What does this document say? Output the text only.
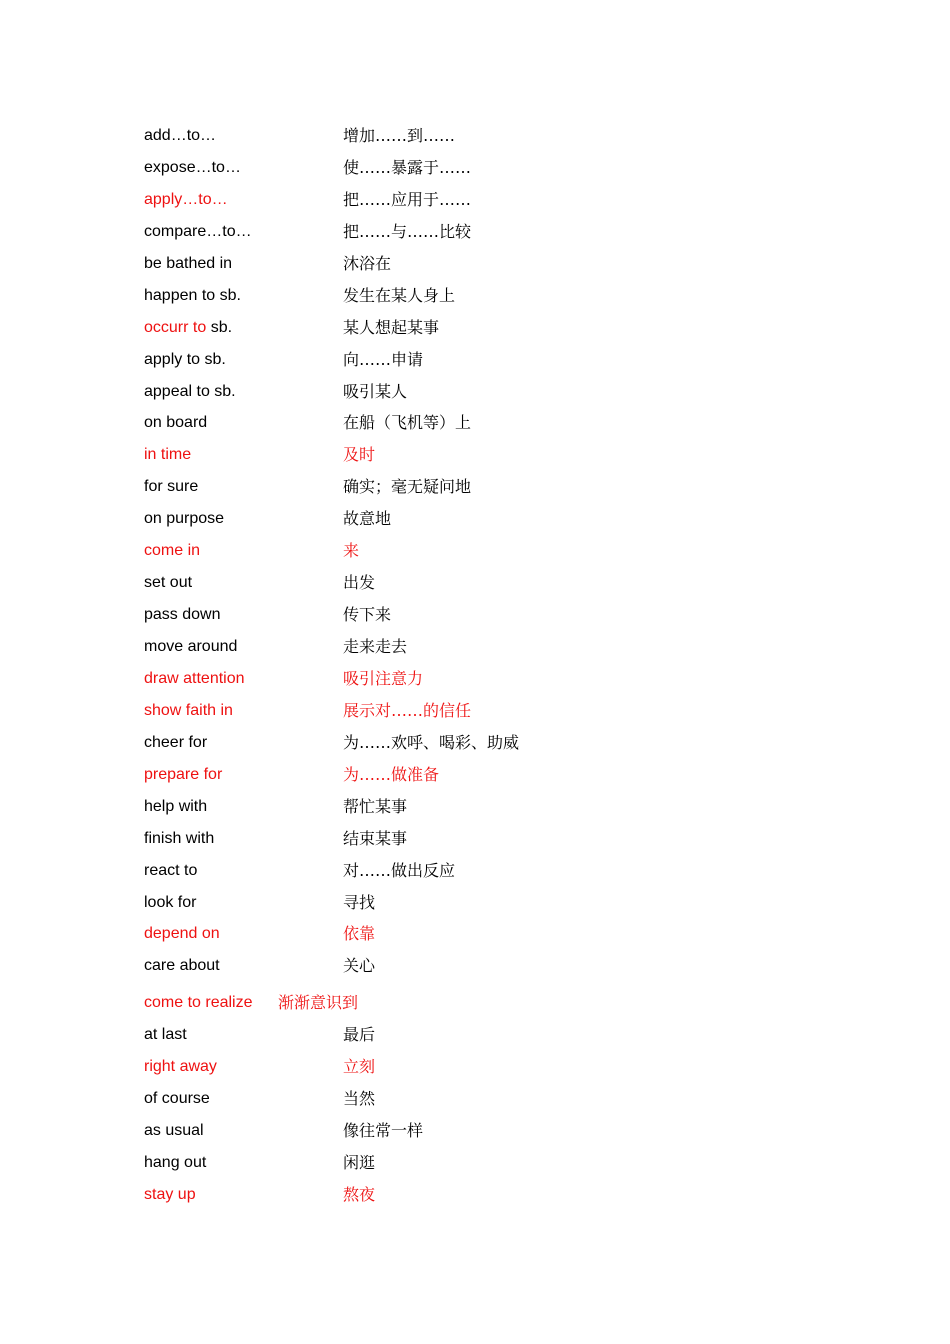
add…to…	增加……到……
expose…to…	使……暴露于……
apply…to…	把……应用于……
compare…to…	把……与……比较
be bathed in	沐浴在
happen to sb.	发生在某人身上
occurr to sb.	某人想起某事
apply to sb.	向……申请
appeal to sb.	吸引某人
on board	在船（飞机等）上
in time	及时
for sure	确实；毫无疑问地
on purpose	故意地
come in	来
set out	出发
pass down	传下来
move around	走来走去
draw attention	吸引注意力
show faith in	展示对……的信任
cheer for	为……欢呼、喝彩、助威
prepare for	为……做准备
help with	帮忙某事
finish with	结束某事
react to	对……做出反应
look for	寻找
depend on	依靠
care about	关心
come to realize 渐渐意识到
at last	最后
right away	立刻
of course	当然
as usual	像往常一样
hang out	闲逛
stay up	熬夜
